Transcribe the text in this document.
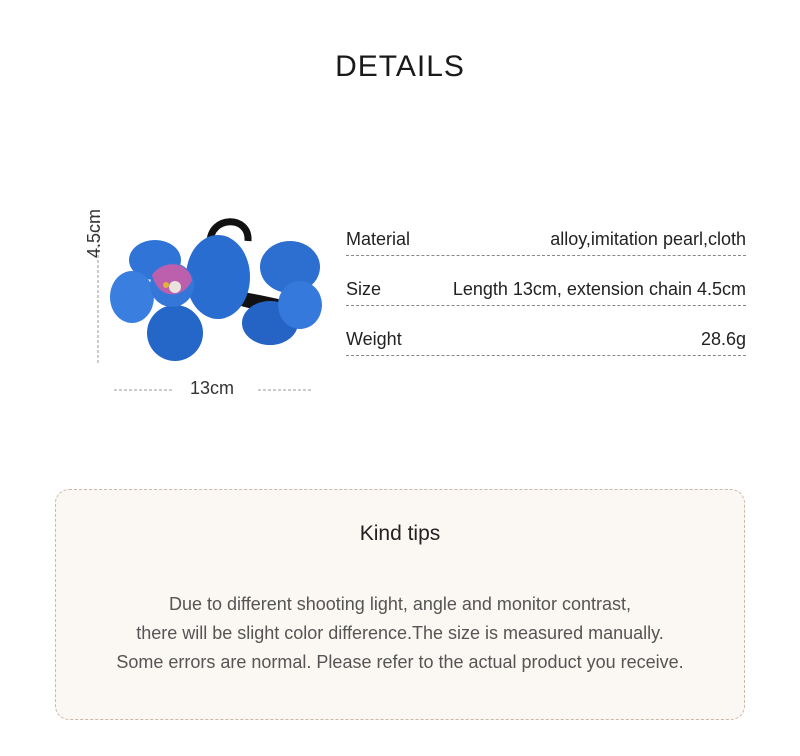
DETAILS
4.5cm
13cm
Material	alloy,imitation pearl,cloth
Size	Length 13cm, extension chain 4.5cm
Weight	28.6g
Kind tips
Due to different shooting light, angle and monitor contrast,
there will be slight color difference.The size is measured manually.
Some errors are normal. Please refer to the actual product you receive.
